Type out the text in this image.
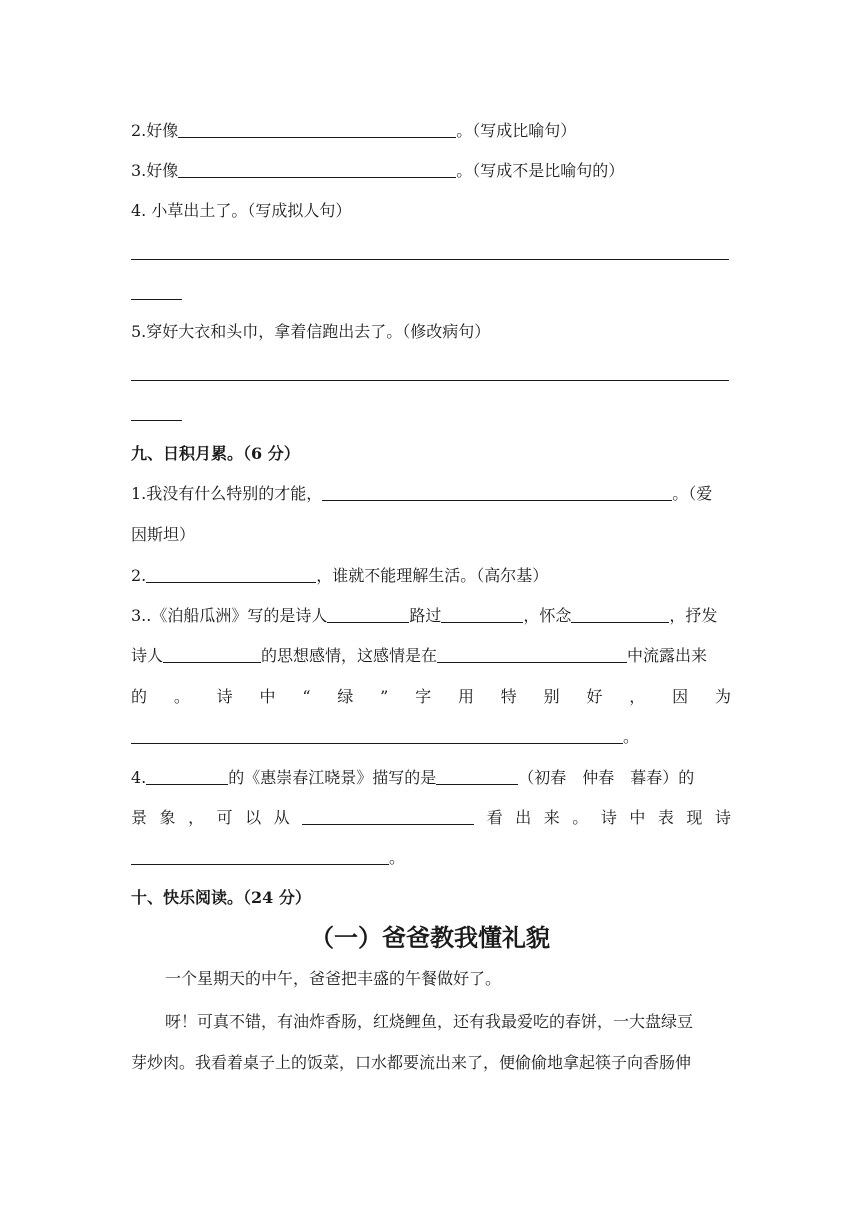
2.好像	。（写成比喻句）
3.好像	。（写成不是比喻句的）
4. 小草出土了。（写成拟人句）
5.穿好大衣和头巾，拿着信跑出去了。（修改病句）
九、日积月累。（6 分）
1.我没有什么特别的才能，	。（爱
因斯坦）
2.	，谁就不能理解生活。（高尔基）
3..《泊船瓜洲》写的是诗人	路过	，怀念	，抒发
诗人	的思想感情，这感情是在	中流露出来
的 。 诗 中 “ 绿 ” 字 用 特 别 好 ， 因 为
。
4.	的《惠崇春江晓景》描写的是	（初春　仲春　暮春）的
景 象 ， 可 以 从	看 出 来 。 诗 中 表 现 诗
。
十、快乐阅读。（24 分）
（一）爸爸教我懂礼貌
一个星期天的中午，爸爸把丰盛的午餐做好了。
呀！可真不错，有油炸香肠，红烧鲤鱼，还有我最爱吃的春饼，一大盘绿豆
芽炒肉。我看着桌子上的饭菜，口水都要流出来了，便偷偷地拿起筷子向香肠伸
